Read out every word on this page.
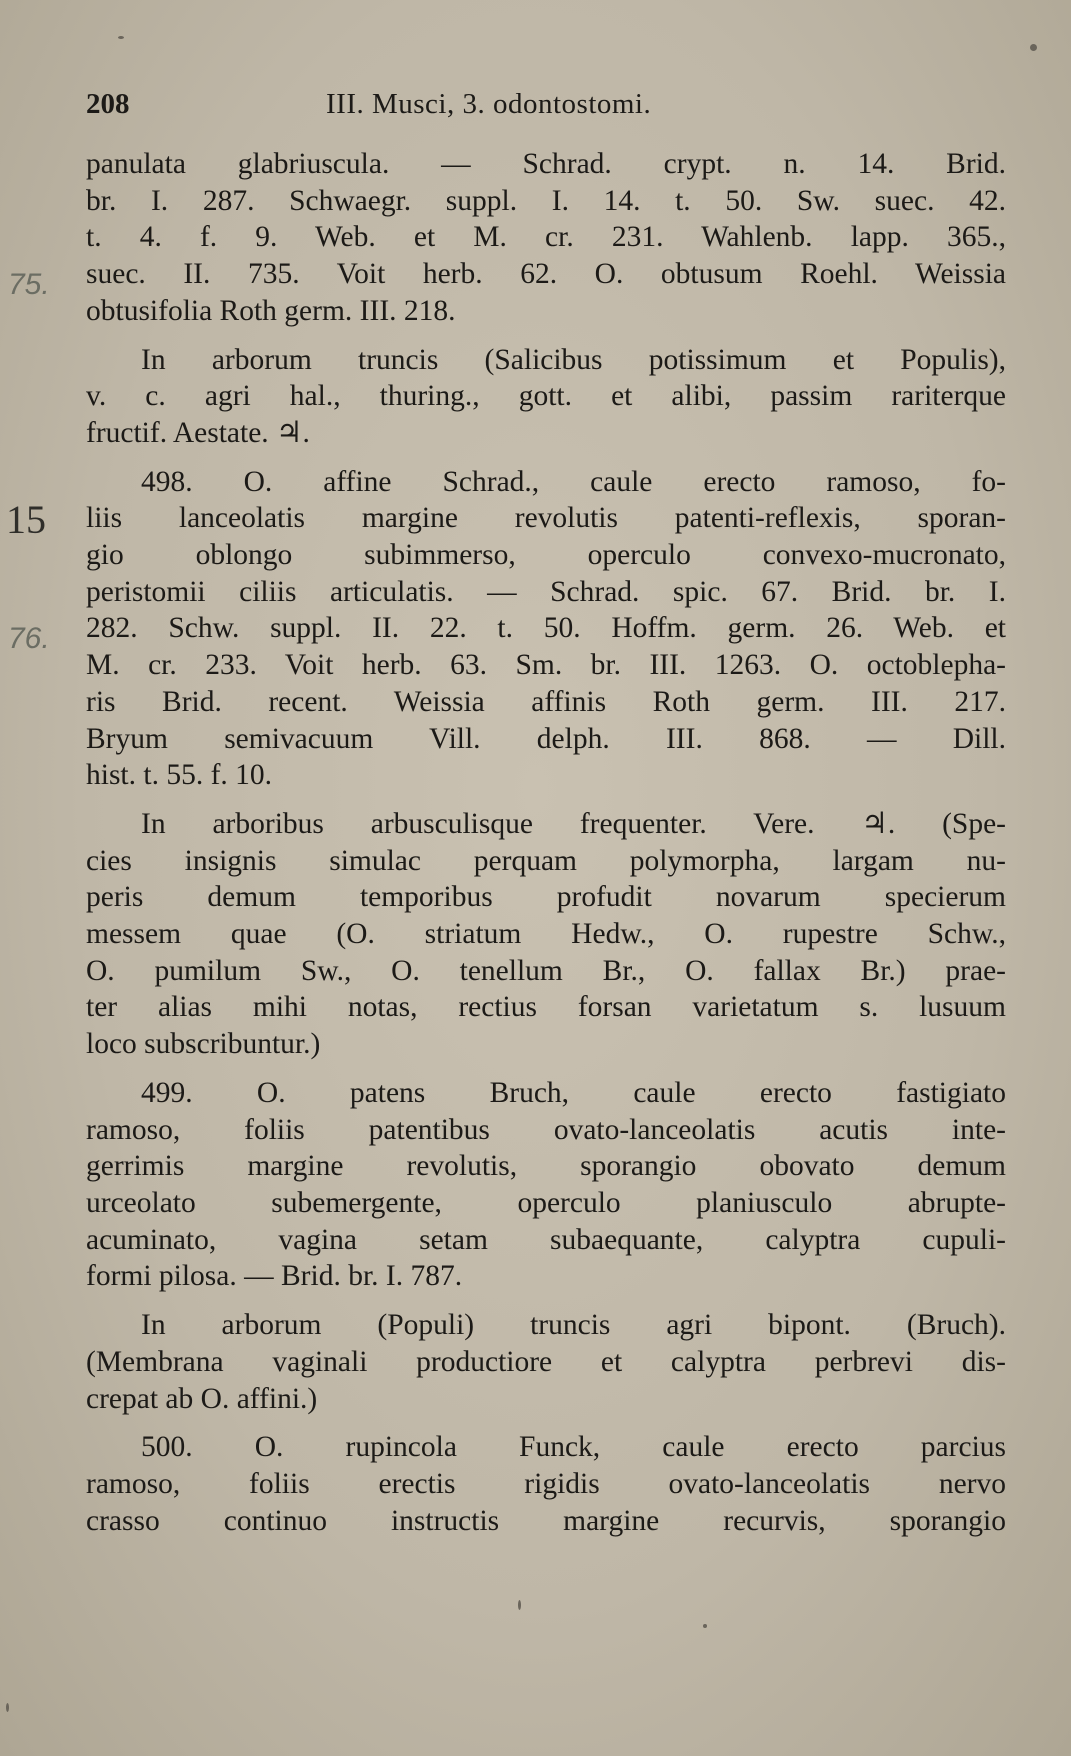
208	III. Musci, 3. odontostomi.
75.
15
76.

panulata glabriuscula. — Schrad. crypt. n. 14. Brid.

br. I. 287. Schwaegr. suppl. I. 14. t. 50. Sw. suec. 42.

t. 4. f. 9. Web. et M. cr. 231. Wahlenb. lapp. 365.,

suec. II. 735. Voit herb. 62. O. obtusum Roehl. Weissia

obtusifolia Roth germ. III. 218.

In arborum truncis (Salicibus potissimum et Populis),

v. c. agri hal., thuring., gott. et alibi, passim rariterque

fructif. Aestate. ♃.

498. O. affine Schrad., caule erecto ramoso, fo-

liis lanceolatis margine revolutis patenti-reflexis, sporan-

gio oblongo subimmerso, operculo convexo-mucronato,

peristomii ciliis articulatis. — Schrad. spic. 67. Brid. br. I.

282. Schw. suppl. II. 22. t. 50. Hoffm. germ. 26. Web. et

M. cr. 233. Voit herb. 63. Sm. br. III. 1263. O. octoblepha-

ris Brid. recent. Weissia affinis Roth germ. III. 217.

Bryum semivacuum Vill. delph. III. 868. — Dill.

hist. t. 55. f. 10.

In arboribus arbusculisque frequenter. Vere. ♃. (Spe-

cies insignis simulac perquam polymorpha, largam nu-

peris demum temporibus profudit novarum specierum

messem quae (O. striatum Hedw., O. rupestre Schw.,

O. pumilum Sw., O. tenellum Br., O. fallax Br.) prae-

ter alias mihi notas, rectius forsan varietatum s. lusuum

loco subscribuntur.)

499. O. patens Bruch, caule erecto fastigiato

ramoso, foliis patentibus ovato-lanceolatis acutis inte-

gerrimis margine revolutis, sporangio obovato demum

urceolato subemergente, operculo planiusculo abrupte-

acuminato, vagina setam subaequante, calyptra cupuli-

formi pilosa. — Brid. br. I. 787.

In arborum (Populi) truncis agri bipont. (Bruch).

(Membrana vaginali productiore et calyptra perbrevi dis-

crepat ab O. affini.)

500. O. rupincola Funck, caule erecto parcius

ramoso, foliis erectis rigidis ovato-lanceolatis nervo

crasso continuo instructis margine recurvis, sporangio
